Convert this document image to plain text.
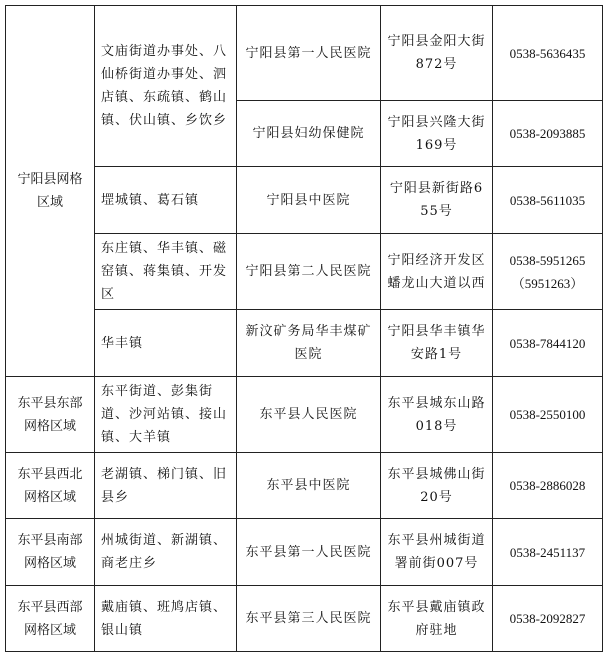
宁阳县网格区域	文庙街道办事处、八仙桥街道办事处、泗店镇、东疏镇、鹤山镇、伏山镇、乡饮乡	宁阳县第一人民医院	宁阳县金阳大街872号	0538-5636435
		宁阳县妇幼保健院	宁阳县兴隆大街169号	0538-2093885
	堽城镇、葛石镇	宁阳县中医院	宁阳县新街路655号	0538-5611035
	东庄镇、华丰镇、磁窑镇、蒋集镇、开发区	宁阳县第二人民医院	宁阳经济开发区蟠龙山大道以西	0538-5951265
（5951263）

	华丰镇	新汶矿务局华丰煤矿医院	宁阳县华丰镇华安路1号	0538-7844120
东平县东部网格区域	东平街道、彭集街道、沙河站镇、接山镇、大羊镇	东平县人民医院	东平县城东山路018号	0538-2550100
东平县西北网格区域	老湖镇、梯门镇、旧县乡	东平县中医院	东平县城佛山街20号	0538-2886028
东平县南部网格区域	州城街道、新湖镇、商老庄乡	东平县第一人民医院	东平县州城街道署前街007号	0538-2451137
东平县西部网格区域	戴庙镇、班鸠店镇、银山镇	东平县第三人民医院	东平县戴庙镇政府驻地	0538-2092827
